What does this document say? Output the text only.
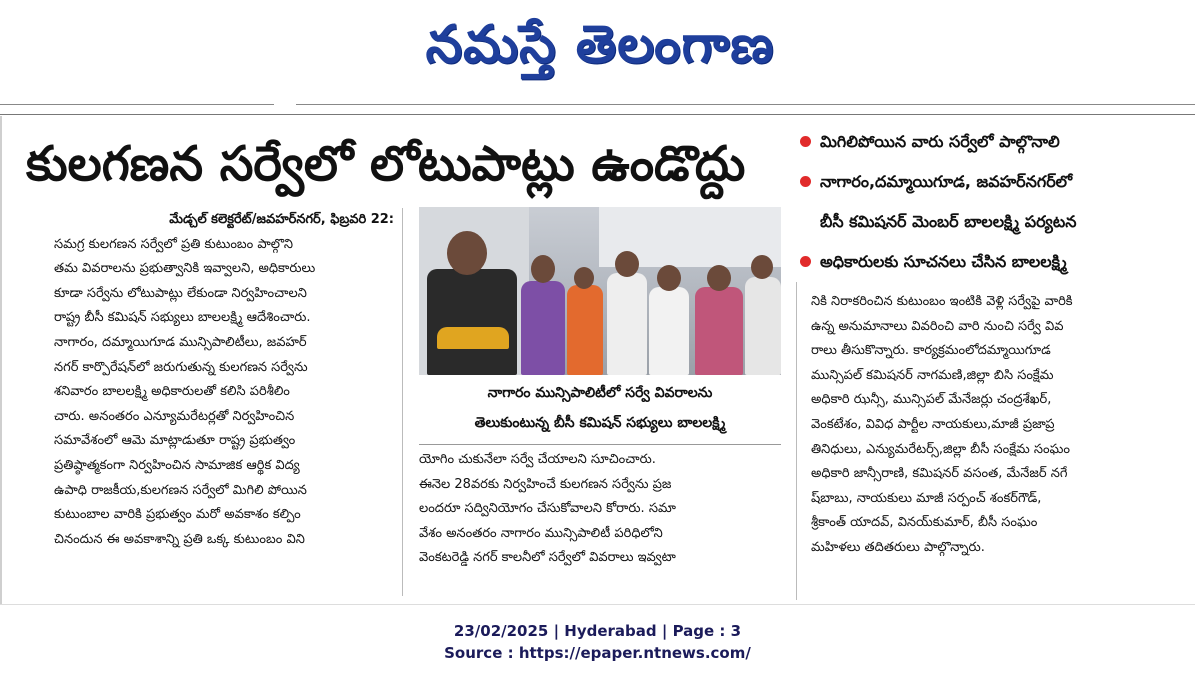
నమస్తే తెలంగాణ
కులగణన సర్వేలో లోటుపాట్లు ఉండొద్దు	మిగిలిపోయిన వారు సర్వేలో పాల్గొనాలి
నాగారం,దమ్మాయిగూడ, జవహర్‌నగర్‌లో
బీసీ కమిషనర్ మెంబర్ బాలలక్ష్మి పర్యటన
అధికారులకు సూచనలు చేసిన బాలలక్ష్మి

మేడ్చల్ కలెక్టరేట్/జవహర్‌నగర్, ఫిబ్రవరి 22:

సమగ్ర కులగణన సర్వేలో ప్రతి కుటుంబం పాల్గొని

తమ వివరాలను ప్రభుత్వానికి ఇవ్వాలని, అధికారులు

కూడా సర్వేను లోటుపాట్లు లేకుండా నిర్వహించాలని

రాష్ట్ర బీసీ కమిషన్ సభ్యులు బాలలక్ష్మి ఆదేశించారు.

నాగారం, దమ్మాయిగూడ మున్సిపాలిటీలు, జవహర్

నగర్ కార్పొరేషన్‌లో జరుగుతున్న కులగణన సర్వేను

శనివారం బాలలక్ష్మి అధికారులతో కలిసి పరిశీలిం

చారు. అనంతరం ఎన్యూమరేటర్లతో నిర్వహించిన

సమావేశంలో ఆమె మాట్లాడుతూ రాష్ట్ర ప్రభుత్వం

ప్రతిష్ఠాత్మకంగా నిర్వహించిన సామాజిక ఆర్థిక విద్య

ఉపాధి రాజకీయ,కులగణన సర్వేలో మిగిలి పోయిన

కుటుంబాల వారికి ప్రభుత్వం మరో అవకాశం కల్పిం

చినందున ఈ అవకాశాన్ని ప్రతి ఒక్క కుటుంబం విని

నాగారం మున్సిపాలిటీలో సర్వే వివరాలను
తెలుకుంటున్న బీసీ కమిషన్ సభ్యులు బాలలక్ష్మి

యోగిం చుకునేలా సర్వే చేయాలని సూచించారు.

ఈనెల 28వరకు నిర్వహించే కులగణన సర్వేను ప్రజ

లందరూ సద్వినియోగం చేసుకోవాలని కోరారు. సమా

వేశం అనంతరం నాగారం మున్సిపాలిటీ పరిధిలోని

వెంకటరెడ్డి నగర్ కాలనీలో సర్వేలో వివరాలు ఇవ్వటా

నికి నిరాకరించిన కుటుంబం ఇంటికి వెళ్లి సర్వేపై వారికి

ఉన్న అనుమానాలు వివరించి వారి నుంచి సర్వే వివ

రాలు తీసుకొన్నారు. కార్యక్రమంలోదమ్మాయిగూడ

మున్సిపల్ కమిషనర్ నాగమణి,జిల్లా బిసి సంక్షేమ

అధికారి ఝన్సీ, మున్సిపల్ మేనేజర్లు చంద్రశేఖర్,

వెంకటేశం, వివిధ పార్టీల నాయకులు,మాజీ ప్రజాప్ర

తినిధులు, ఎన్యుమరేటర్స్,జిల్లా బీసీ సంక్షేమ సంఘం

అధికారి జాన్సీరాణి, కమిషనర్ వసంత, మేనేజర్ నగే

ష్‌బాబు, నాయకులు మాజీ సర్పంచ్ శంకర్‌గౌడ్,

శ్రీకాంత్ యాదవ్, వినయ్‌కుమార్, బీసీ సంఘం

మహిళలు తదితరులు పాల్గొన్నారు.

23/02/2025 | Hyderabad | Page : 3
Source : https://epaper.ntnews.com/
